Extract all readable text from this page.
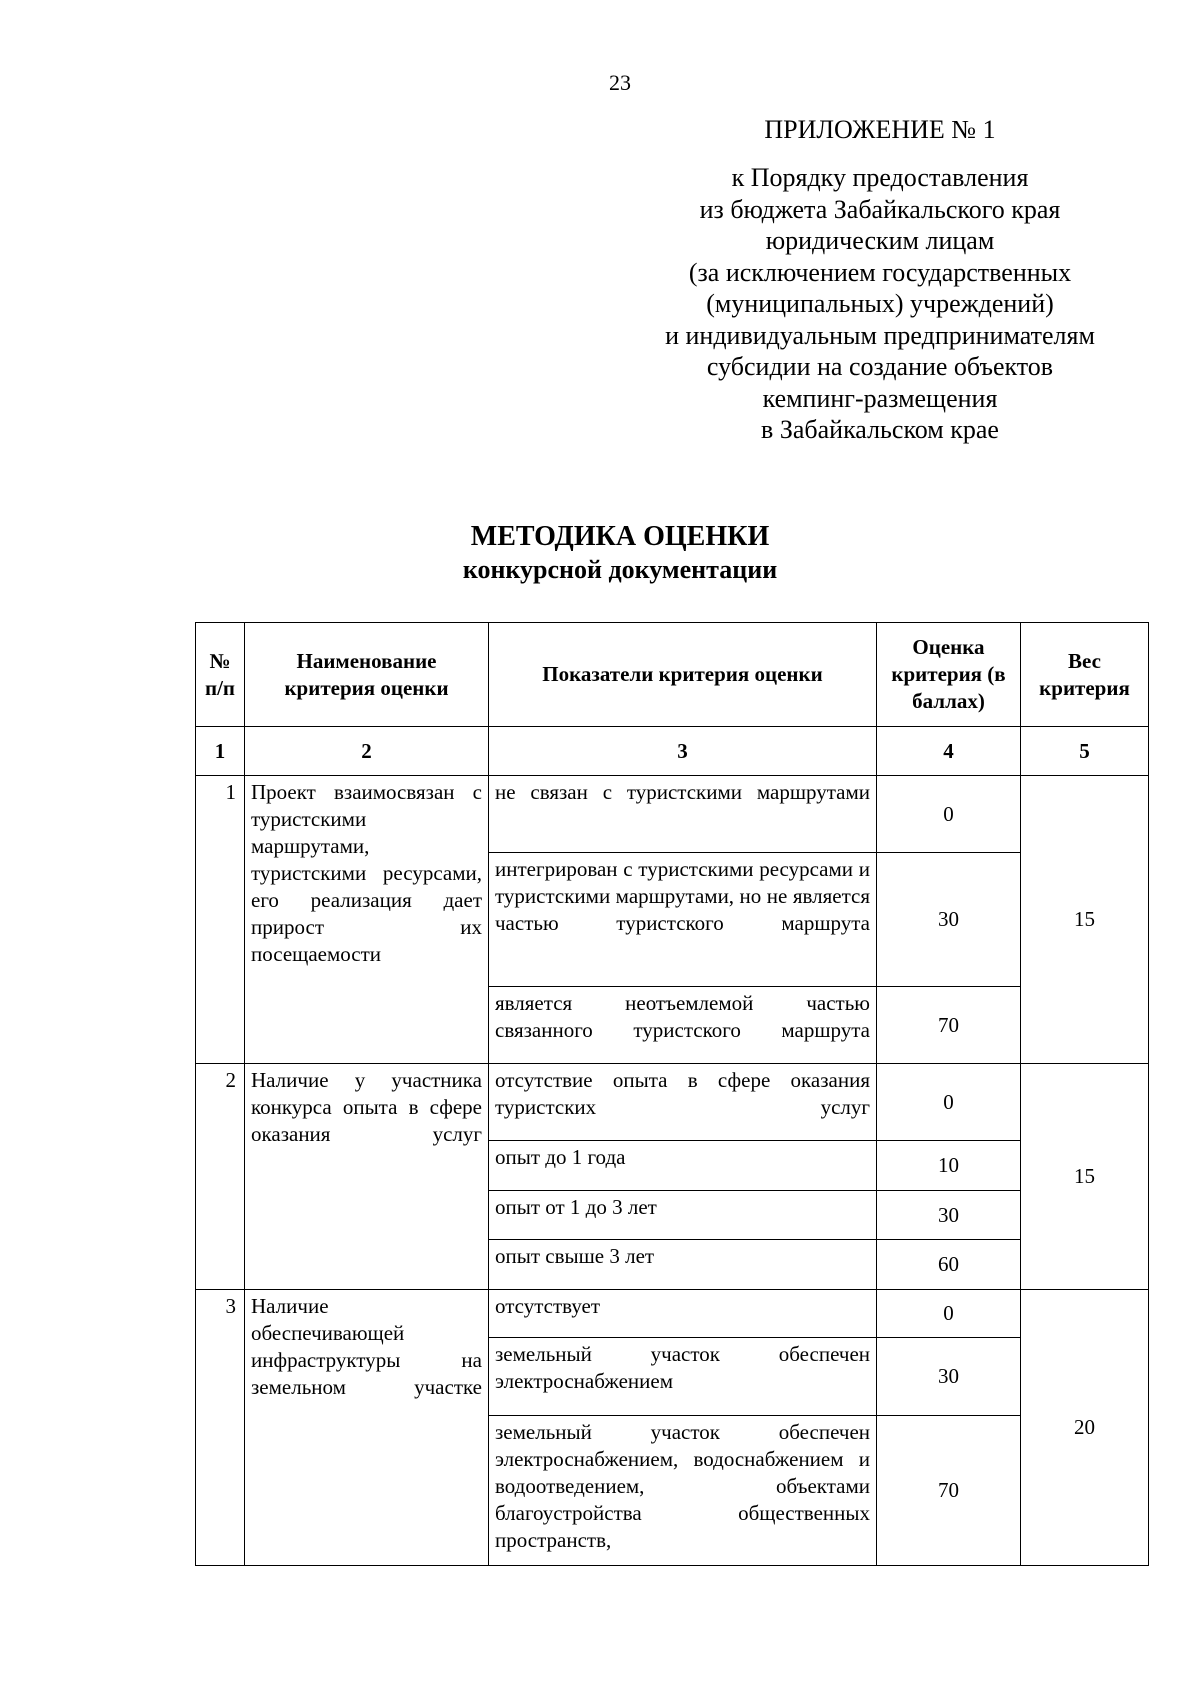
23
ПРИЛОЖЕНИЕ № 1
к Порядку предоставления
из бюджета Забайкальского края
юридическим лицам
(за исключением государственных
(муниципальных) учреждений)
и индивидуальным предпринимателям
субсидии на создание объектов
кемпинг-размещения
в Забайкальском крае
МЕТОДИКА ОЦЕНКИ
конкурсной документации
№ п/п	Наименование критерия оценки	Показатели критерия оценки	Оценка критерия (в баллах)	Вес критерия
1	2	3	4	5
1	Проект взаимосвязан с туристскими маршрутами, туристскими ресурсами, его реализация дает прирост их посещаемости	не связан с туристскими маршрутами	0	15
		интегрирован с туристскими ресурсами и туристскими маршрутами, но не является частью туристского маршрута	30	
		является неотъемлемой частью связанного туристского маршрута	70	
2	Наличие у участника конкурса опыта в сфере оказания услуг	отсутствие опыта в сфере оказания туристских услуг	0	15
		опыт до 1 года	10	
		опыт от 1 до 3 лет	30	
		опыт свыше 3 лет	60	
3	Наличие обеспечивающей инфраструктуры на земельном участке	отсутствует	0	20
		земельный участок обеспечен электроснабжением	30	
		земельный участок обеспечен электроснабжением, водоснабжением и водоотведением, объектами благоустройства общественных пространств,	70	
